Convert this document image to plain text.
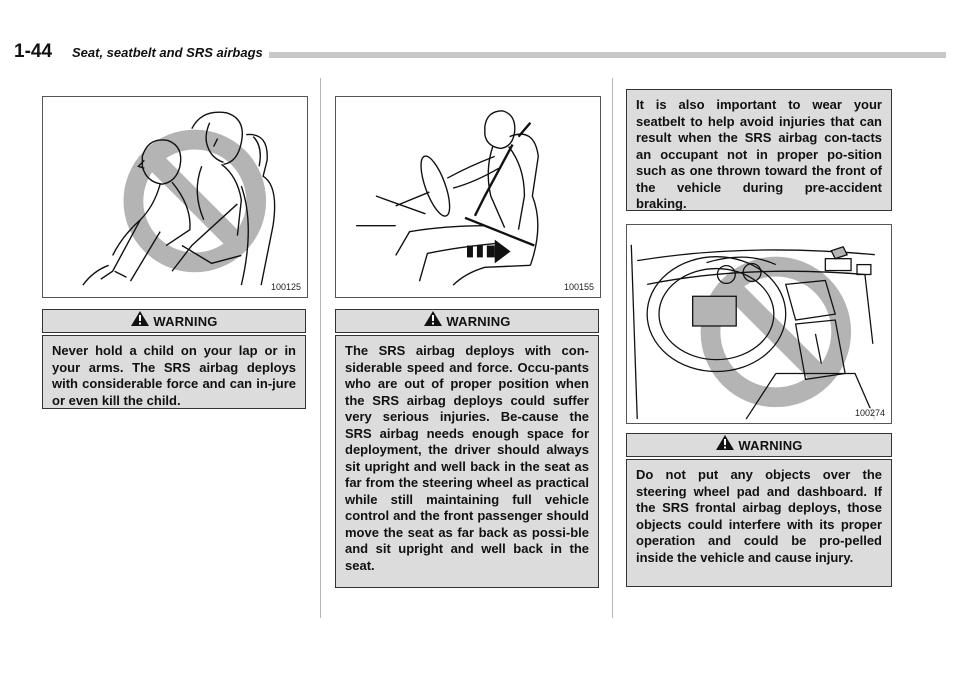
1-44 Seat, seatbelt and SRS airbags
100125
WARNING
Never hold a child on your lap or in your arms. The SRS airbag deploys with considerable force and can in-jure or even kill the child.
100155
WARNING
The SRS airbag deploys with con-siderable speed and force. Occu-pants who are out of proper position when the SRS airbag deploys could suffer very serious injuries. Be-cause the SRS airbag needs enough space for deployment, the driver should always sit upright and well back in the seat as far from the steering wheel as practical while still maintaining full vehicle control and the front passenger should move the seat as far back as possi-ble and sit upright and well back in the seat.
It is also important to wear your seatbelt to help avoid injuries that can result when the SRS airbag con-tacts an occupant not in proper po-sition such as one thrown toward the front of the vehicle during pre-accident braking.
100274
WARNING
Do not put any objects over the steering wheel pad and dashboard. If the SRS frontal airbag deploys, those objects could interfere with its proper operation and could be pro-pelled inside the vehicle and cause injury.
